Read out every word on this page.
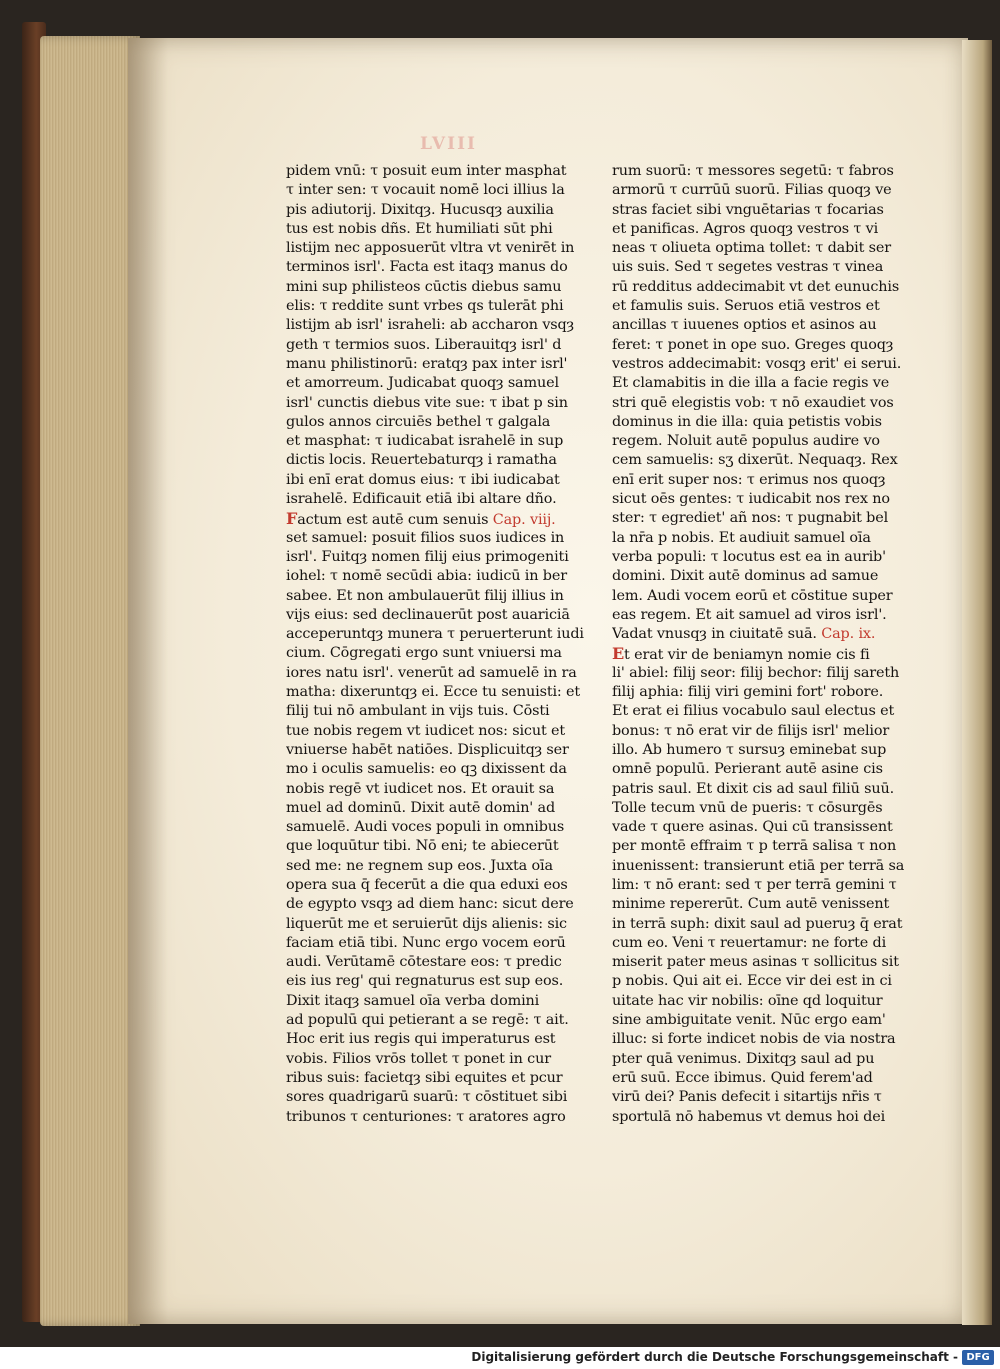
LVIII
pidem vnū: τ posuit eum inter masphat
τ inter sen: τ vocauit nomē loci illius la
pis adiutorij. Dixitqȝ. Hucusqȝ auxilia
tus est nobis dñs. Et humiliati sūt phi
listijm nec apposuerūt vltra vt venirēt in
terminos isrl'. Facta est itaqȝ manus do
mini sup philisteos cūctis diebus samu
elis: τ reddite sunt vrbes qs tulerāt phi
listijm ab isrl' israheli: ab accharon vsqȝ
geth τ termios suos. Liberauitqȝ isrl' d
manu philistinorū: eratqȝ pax inter isrl'
et amorreum. Judicabat quoqȝ samuel
isrl' cunctis diebus vite sue: τ ibat p sin
gulos annos circuiēs bethel τ galgala
et masphat: τ iudicabat israhelē in sup
dictis locis. Reuertebaturqȝ i ramatha
ibi enī erat domus eius: τ ibi iudicabat
israhelē. Edificauit etiā ibi altare dño.
Factum est autē cum senuis Cap. viij.
set samuel: posuit filios suos iudices in
isrl'. Fuitqȝ nomen filij eius primogeniti
iohel: τ nomē secūdi abia: iudicū in ber
sabee. Et non ambulauerūt filij illius in
vijs eius: sed declinauerūt post auariciā
acceperuntqȝ munera τ peruerterunt iudi
cium. Cōgregati ergo sunt vniuersi ma
iores natu isrl'. venerūt ad samuelē in ra
matha: dixeruntqȝ ei. Ecce tu senuisti: et
filij tui nō ambulant in vijs tuis. Cōsti
tue nobis regem vt iudicet nos: sicut et
vniuerse habēt natiōes. Displicuitqȝ ser
mo i oculis samuelis: eo qꝫ dixissent da
nobis regē vt iudicet nos. Et orauit sa
muel ad dominū. Dixit autē domin' ad
samuelē. Audi voces populi in omnibus
que loquūtur tibi. Nō eni; te abiecerūt
sed me: ne regnem sup eos. Juxta oīa
opera sua q̄ fecerūt a die qua eduxi eos
de egypto vsqȝ ad diem hanc: sicut dere
liquerūt me et seruierūt dijs alienis: sic
faciam etiā tibi. Nunc ergo vocem eorū
audi. Verūtamē cōtestare eos: τ predic
eis ius reg' qui regnaturus est sup eos.
Dixit itaqȝ samuel oīa verba domini
ad populū qui petierant a se regē: τ ait.
Hoc erit ius regis qui imperaturus est
vobis. Filios vrōs tollet τ ponet in cur
ribus suis: facietqȝ sibi equites et pcur
sores quadrigarū suarū: τ cōstituet sibi
tribunos τ centuriones: τ aratores agro
rum suorū: τ messores segetū: τ fabros
armorū τ currūū suorū. Filias quoqȝ ve
stras faciet sibi vnguētarias τ focarias
et panificas. Agros quoqȝ vestros τ vi
neas τ oliueta optima tollet: τ dabit ser
uis suis. Sed τ segetes vestras τ vinea
rū redditus addecimabit vt det eunuchis
et famulis suis. Seruos etiā vestros et
ancillas τ iuuenes optios et asinos au
feret: τ ponet in ope suo. Greges quoqȝ
vestros addecimabit: vosqȝ erit' ei serui.
Et clamabitis in die illa a facie regis ve
stri quē elegistis vob: τ nō exaudiet vos
dominus in die illa: quia petistis vobis
regem. Noluit autē populus audire vo
cem samuelis: sʒ dixerūt. Nequaqȝ. Rex
enī erit super nos: τ erimus nos quoqȝ
sicut oēs gentes: τ iudicabit nos rex no
ster: τ egrediet' añ nos: τ pugnabit bel
la nr̄a p nobis. Et audiuit samuel oīa
verba populi: τ locutus est ea in aurib'
domini. Dixit autē dominus ad samue
lem. Audi vocem eorū et cōstitue super
eas regem. Et ait samuel ad viros isrl'.
Vadat vnusqȝ in ciuitatē suā. Cap. ix.
Et erat vir de beniamyn nomie cis fi
li' abiel: filij seor: filij bechor: filij sareth
filij aphia: filij viri gemini fort' robore.
Et erat ei filius vocabulo saul electus et
bonus: τ nō erat vir de filijs isrl' melior
illo. Ab humero τ sursuȝ eminebat sup
omnē populū. Perierant autē asine cis
patris saul. Et dixit cis ad saul filiū suū.
Tolle tecum vnū de pueris: τ cōsurgēs
vade τ quere asinas. Qui cū transissent
per montē effraim τ p terrā salisa τ non
inuenissent: transierunt etiā per terrā sa
lim: τ nō erant: sed τ per terrā gemini τ
minime repererūt. Cum autē venissent
in terrā suph: dixit saul ad pueruȝ q̄ erat
cum eo. Veni τ reuertamur: ne forte di
miserit pater meus asinas τ sollicitus sit
p nobis. Qui ait ei. Ecce vir dei est in ci
uitate hac vir nobilis: oīne qd loquitur
sine ambiguitate venit. Nūc ergo eam'
illuc: si forte indicet nobis de via nostra
pter quā venimus. Dixitqȝ saul ad pu
erū suū. Ecce ibimus. Quid ferem'ad
virū dei? Panis defecit i sitartijs nr̄is τ
sportulā nō habemus vt demus hoi dei
Digitalisierung gefördert durch die Deutsche Forschungsgemeinschaft - DFG
